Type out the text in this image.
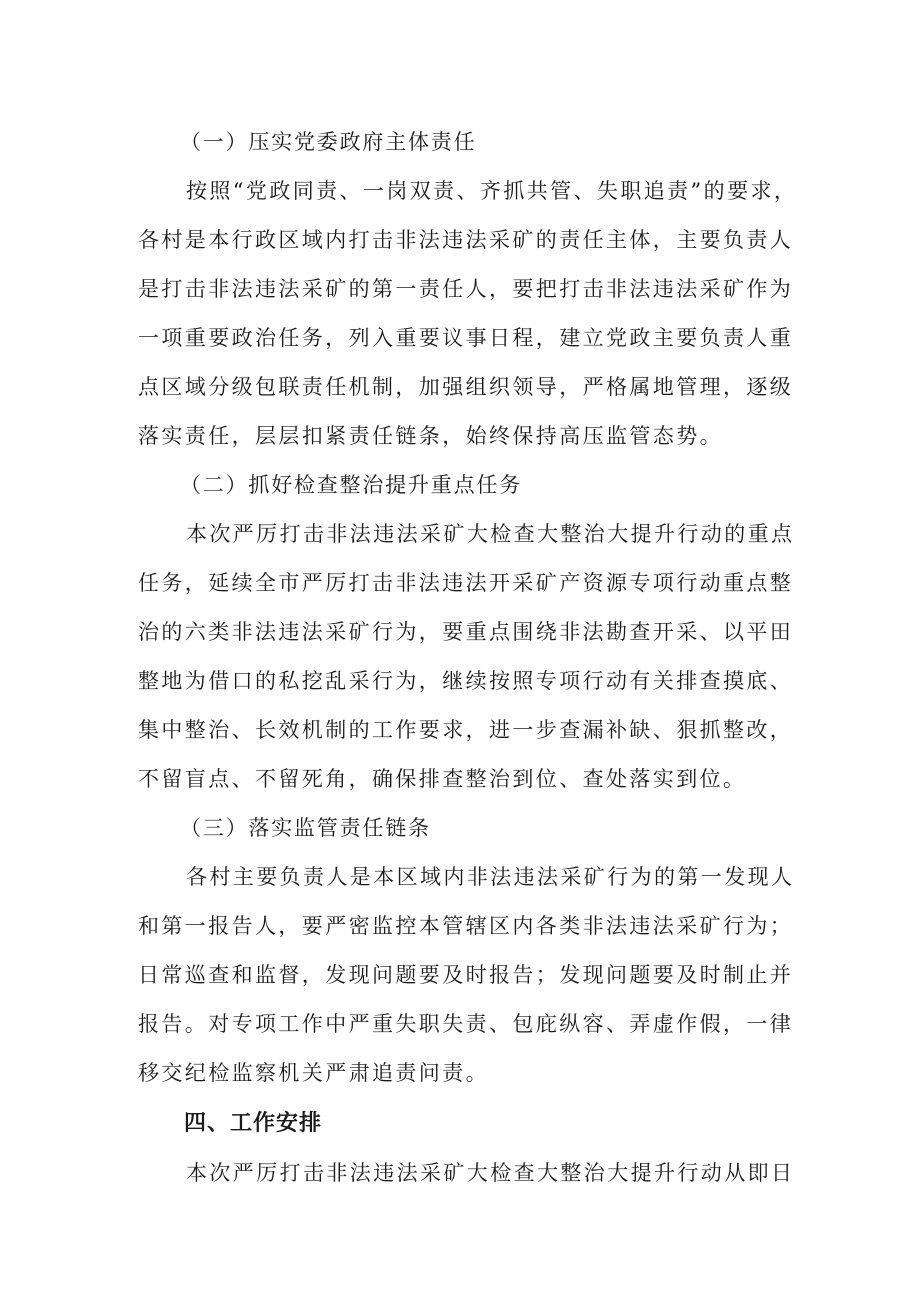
（一）压实党委政府主体责任
按照“党政同责、一岗双责、齐抓共管、失职追责”的要求，
各村是本行政区域内打击非法违法采矿的责任主体，主要负责人
是打击非法违法采矿的第一责任人，要把打击非法违法采矿作为
一项重要政治任务，列入重要议事日程，建立党政主要负责人重
点区域分级包联责任机制，加强组织领导，严格属地管理，逐级
落实责任，层层扣紧责任链条，始终保持高压监管态势。
（二）抓好检查整治提升重点任务
本次严厉打击非法违法采矿大检查大整治大提升行动的重点
任务，延续全市严厉打击非法违法开采矿产资源专项行动重点整
治的六类非法违法采矿行为，要重点围绕非法勘查开采、以平田
整地为借口的私挖乱采行为，继续按照专项行动有关排查摸底、
集中整治、长效机制的工作要求，进一步查漏补缺、狠抓整改，
不留盲点、不留死角，确保排查整治到位、查处落实到位。
（三）落实监管责任链条
各村主要负责人是本区域内非法违法采矿行为的第一发现人
和第一报告人，要严密监控本管辖区内各类非法违法采矿行为；
日常巡查和监督，发现问题要及时报告；发现问题要及时制止并
报告。对专项工作中严重失职失责、包庇纵容、弄虚作假，一律
移交纪检监察机关严肃追责问责。
四、工作安排
本次严厉打击非法违法采矿大检查大整治大提升行动从即日
